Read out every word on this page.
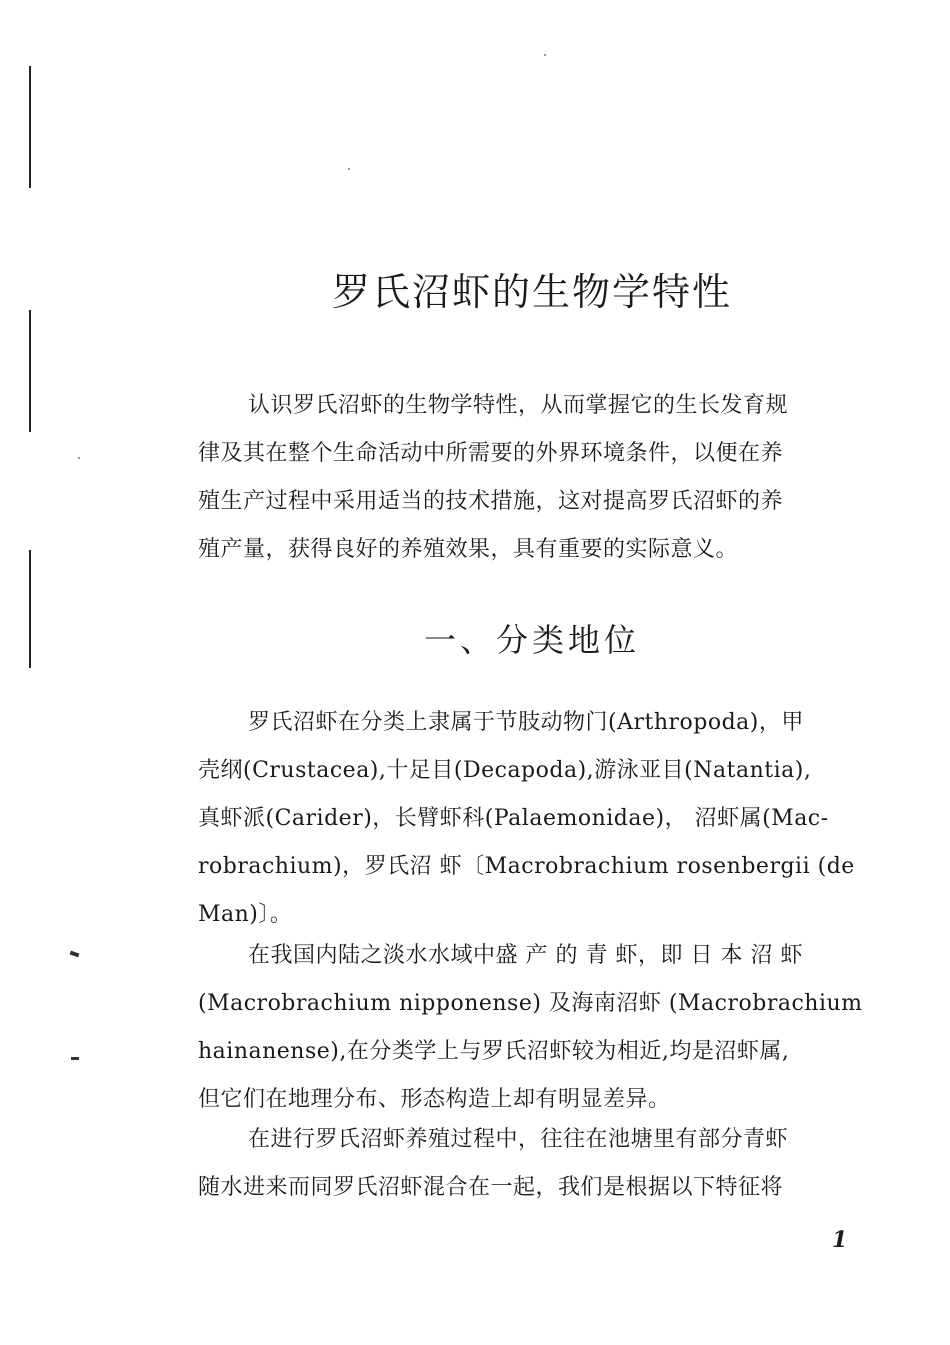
罗氏沼虾的生物学特性

认识罗氏沼虾的生物学特性，从而掌握它的生长发育规
律及其在整个生命活动中所需要的外界环境条件，以便在养
殖生产过程中采用适当的技术措施，这对提高罗氏沼虾的养
殖产量，获得良好的养殖效果，具有重要的实际意义。

一、分类地位

罗氏沼虾在分类上隶属于节肢动物门(Arthropoda)，甲
壳纲(Crustacea),十足目(Decapoda),游泳亚目(Natantia),
真虾派(Carider)，长臂虾科(Palaemonidae)， 沼虾属(Mac-
robrachium)，罗氏沼 虾〔Macrobrachium rosenbergii (de
Man)〕。

在我国内陆之淡水水域中盛 产 的 青 虾，即 日 本 沼 虾
(Macrobrachium nipponense) 及海南沼虾 (Macrobrachium
hainanense),在分类学上与罗氏沼虾较为相近,均是沼虾属,
但它们在地理分布、形态构造上却有明显差异。

在进行罗氏沼虾养殖过程中，往往在池塘里有部分青虾
随水进来而同罗氏沼虾混合在一起，我们是根据以下特征将

1
